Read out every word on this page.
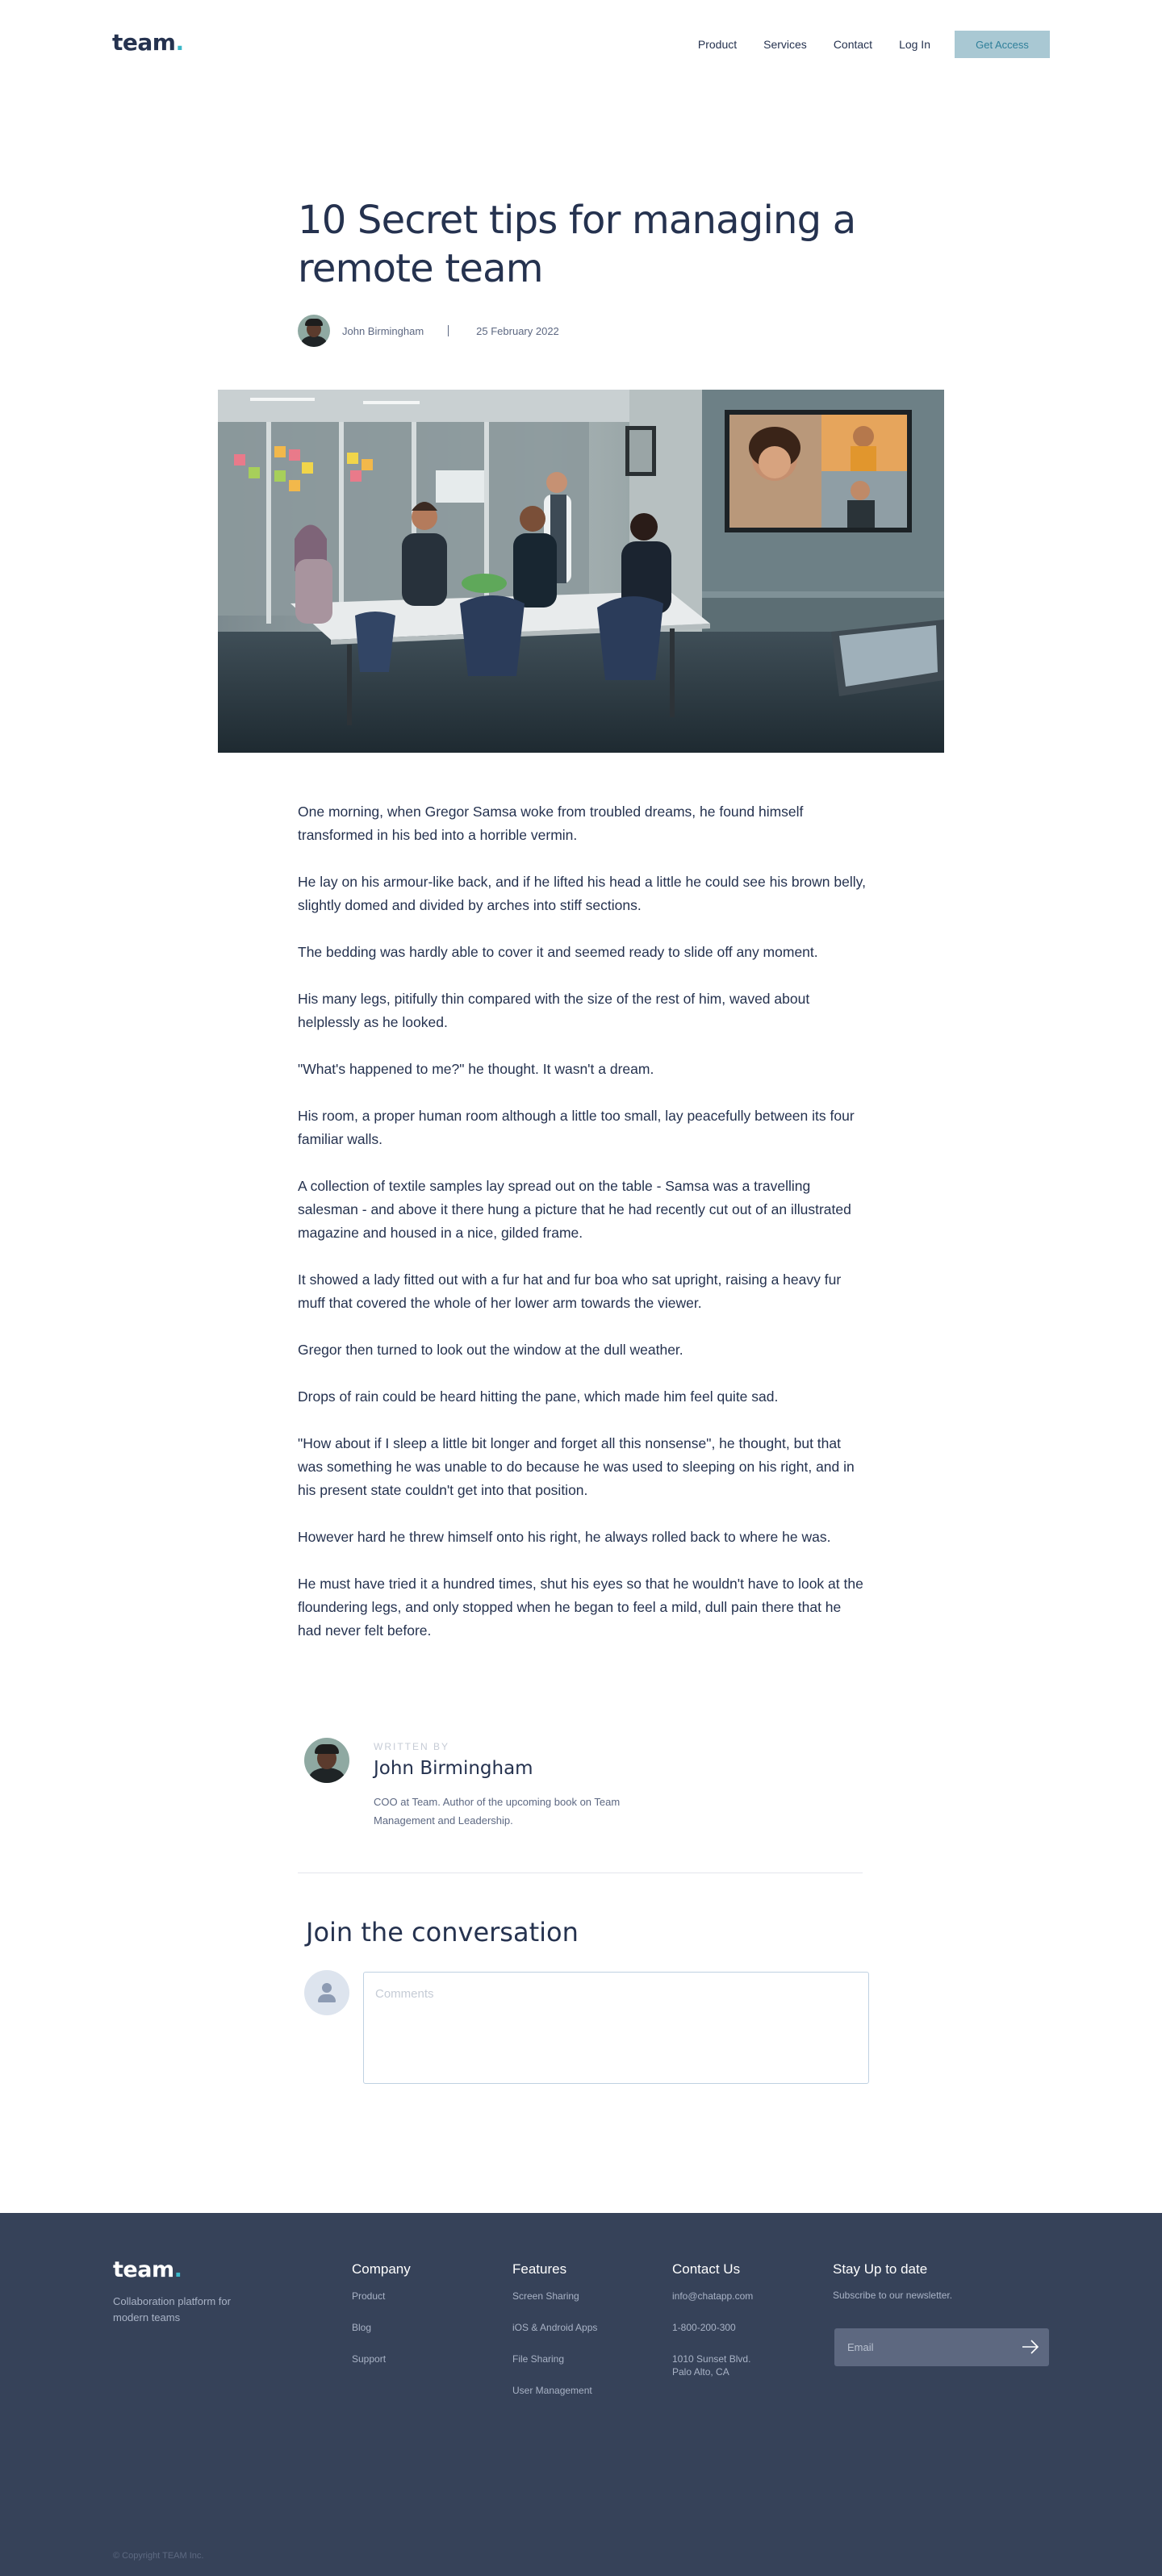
team.	Product Services Contact Log In	Get Access
10 Secret tips for managing a remote team
John Birmingham	25 February 2022

One morning, when Gregor Samsa woke from troubled dreams, he found himself transformed in his bed into a horrible vermin.

He lay on his armour-like back, and if he lifted his head a little he could see his brown belly, slightly domed and divided by arches into stiff sections.

The bedding was hardly able to cover it and seemed ready to slide off any moment.

His many legs, pitifully thin compared with the size of the rest of him, waved about helplessly as he looked.

"What's happened to me?" he thought. It wasn't a dream.

His room, a proper human room although a little too small, lay peacefully between its four familiar walls.

A collection of textile samples lay spread out on the table - Samsa was a travelling salesman - and above it there hung a picture that he had recently cut out of an illustrated magazine and housed in a nice, gilded frame.

It showed a lady fitted out with a fur hat and fur boa who sat upright, raising a heavy fur muff that covered the whole of her lower arm towards the viewer.

Gregor then turned to look out the window at the dull weather.

Drops of rain could be heard hitting the pane, which made him feel quite sad.

"How about if I sleep a little bit longer and forget all this nonsense", he thought, but that was something he was unable to do because he was used to sleeping on his right, and in his present state couldn't get into that position.

However hard he threw himself onto his right, he always rolled back to where he was.

He must have tried it a hundred times, shut his eyes so that he wouldn't have to look at the floundering legs, and only stopped when he began to feel a mild, dull pain there that he had never felt before.

WRITTEN BY
John Birmingham
COO at Team. Author of the upcoming book on Team Management and Leadership.
Join the conversation
Comments
team.
Collaboration platform for modern teams
Company
Product
Blog
Support
Features
Screen Sharing
iOS & Android Apps
File Sharing
User Management
Contact Us
info@chatapp.com
1-800-200-300
1010 Sunset Blvd.
Palo Alto, CA
Stay Up to date
Subscribe to our newsletter.
Email
© Copyright TEAM Inc.
